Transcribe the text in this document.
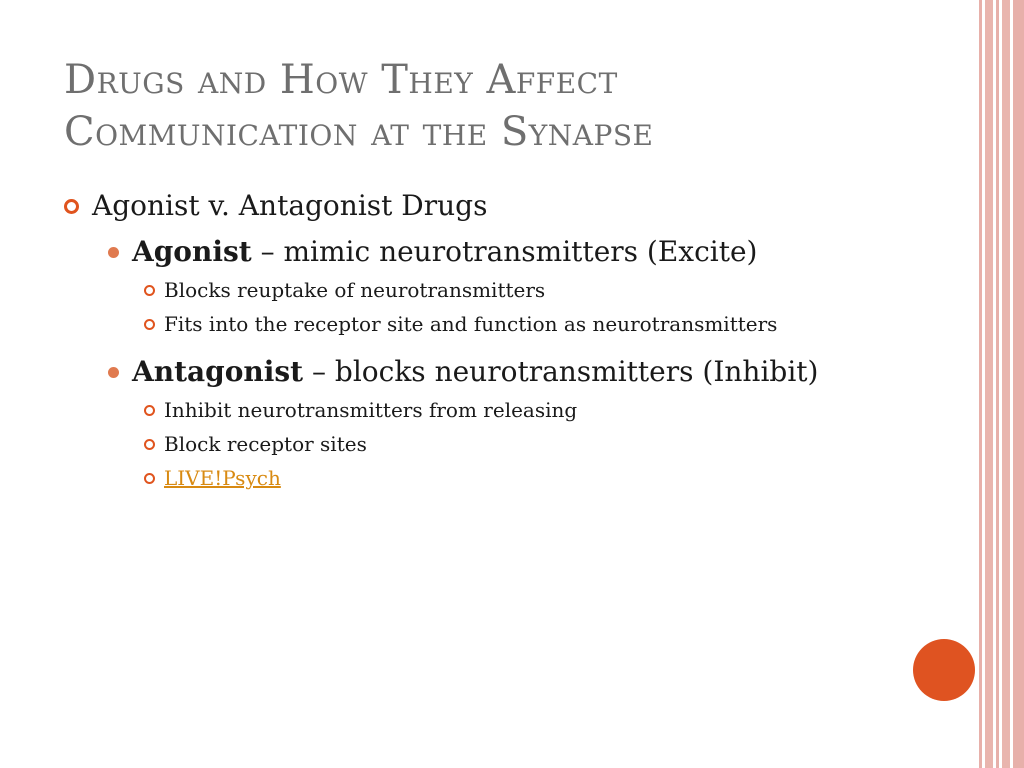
Drugs and How They Affect
Communication at the Synapse
Agonist v. Antagonist Drugs
Agonist – mimic neurotransmitters (Excite)
Blocks reuptake of neurotransmitters
Fits into the receptor site and function as neurotransmitters
Antagonist – blocks neurotransmitters (Inhibit)
Inhibit neurotransmitters from releasing
Block receptor sites
LIVE!Psych
